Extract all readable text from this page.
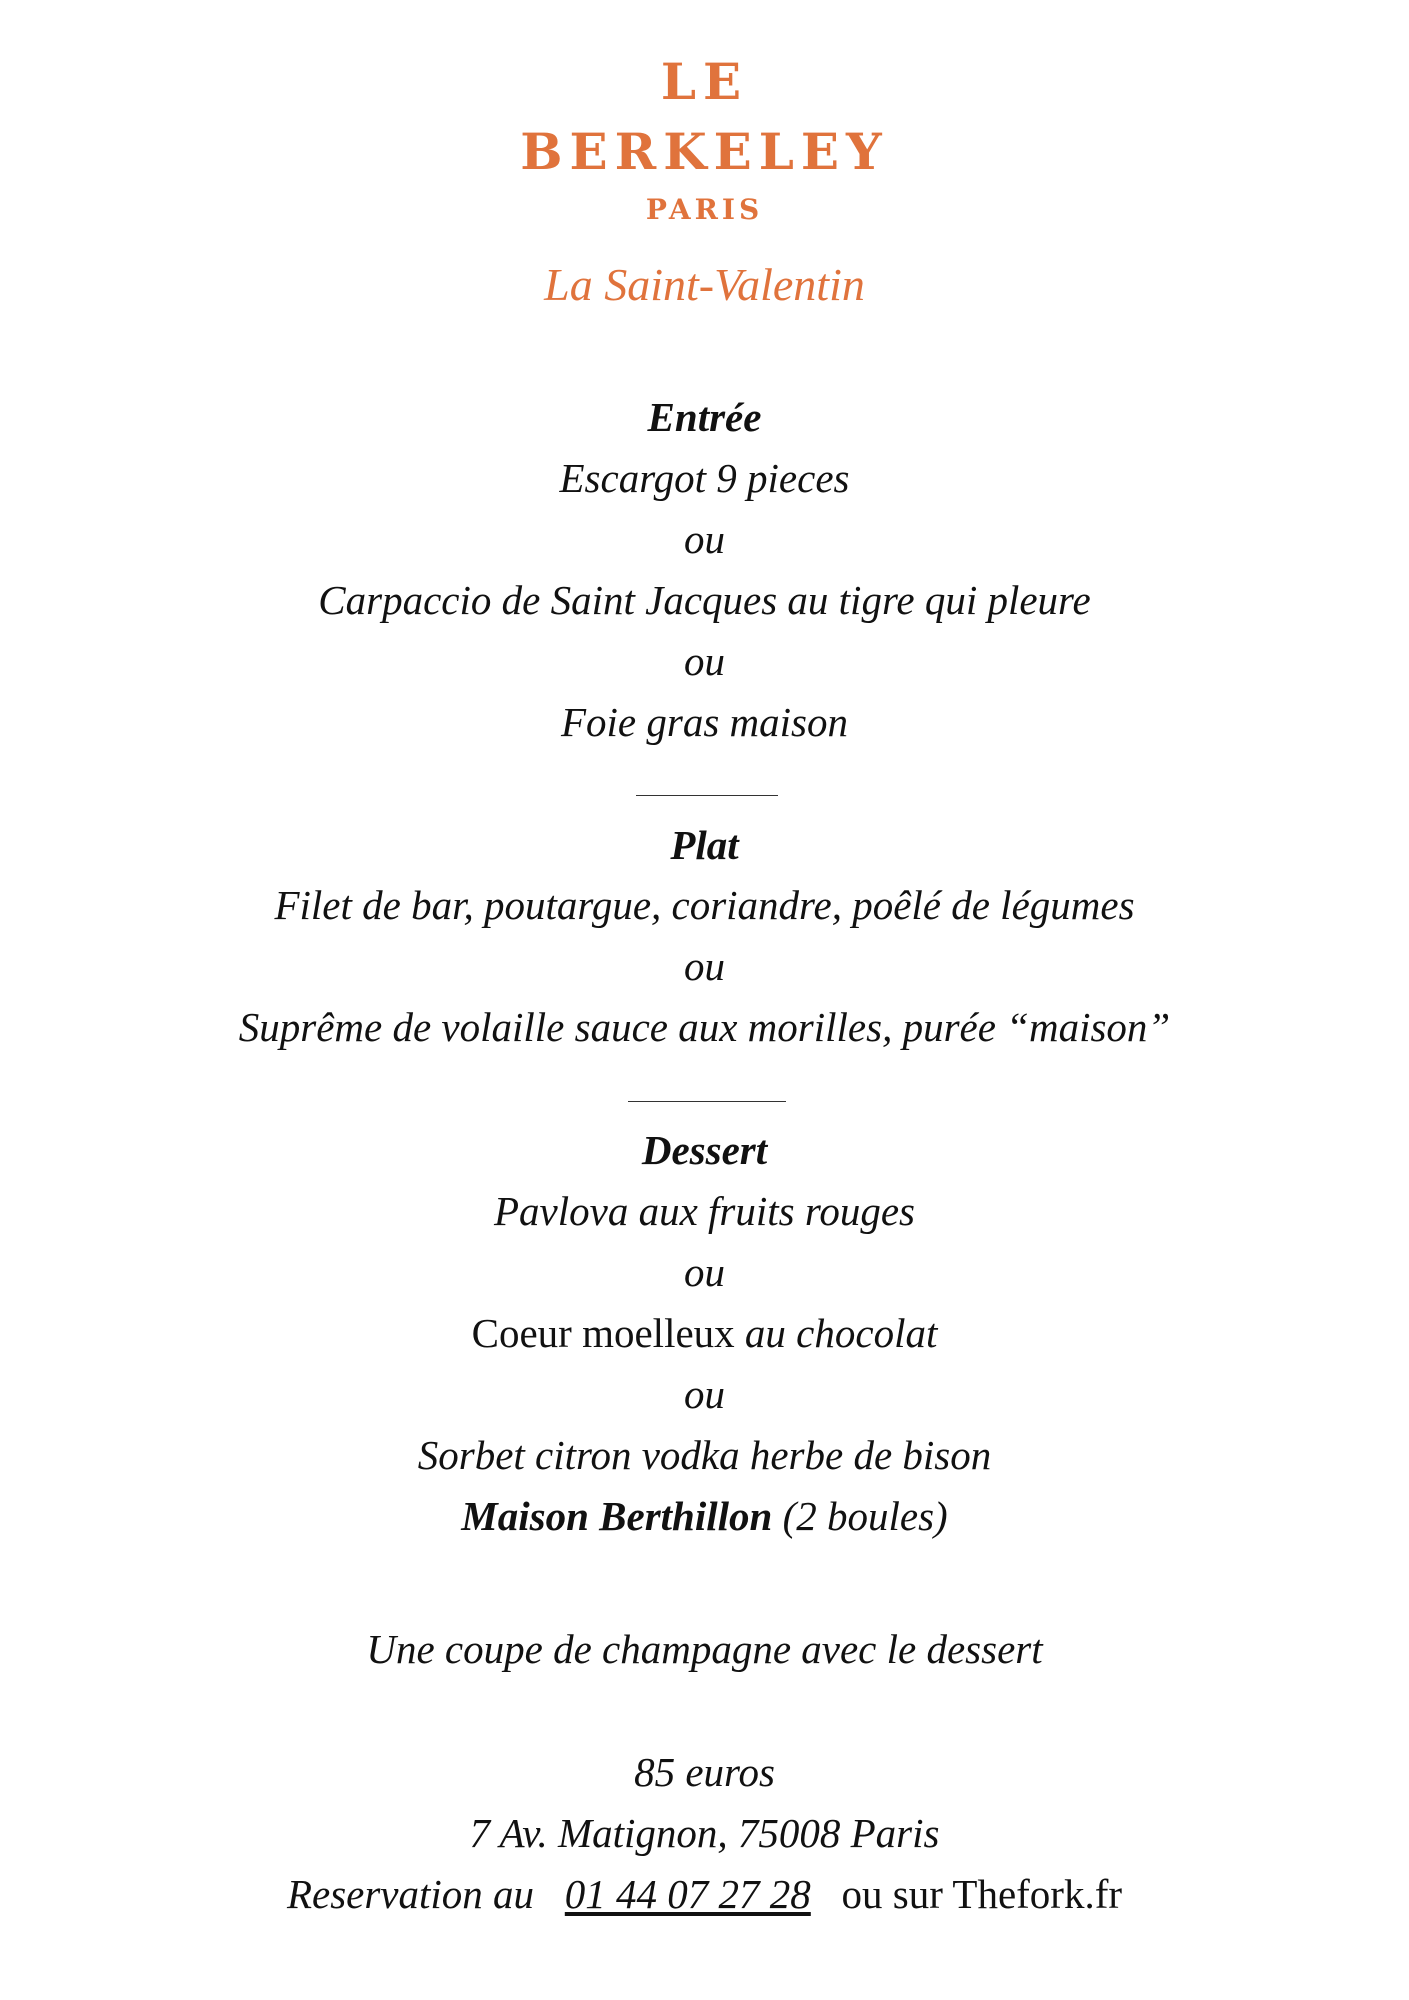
LE
BERKELEY
PARIS
La Saint-Valentin
Entrée
Escargot 9 pieces
ou
Carpaccio de Saint Jacques au tigre qui pleure
ou
Foie gras maison
Plat
Filet de bar, poutargue, coriandre, poêlé de légumes
ou
Suprême de volaille sauce aux morilles, purée “maison”
Dessert
Pavlova aux fruits rouges
ou
Coeur moelleux au chocolat
ou
Sorbet citron vodka herbe de bison
Maison Berthillon (2 boules)
Une coupe de champagne avec le dessert
85 euros
7 Av. Matignon, 75008 Paris
Reservation au 01 44 07 27 28 ou sur Thefork.fr
